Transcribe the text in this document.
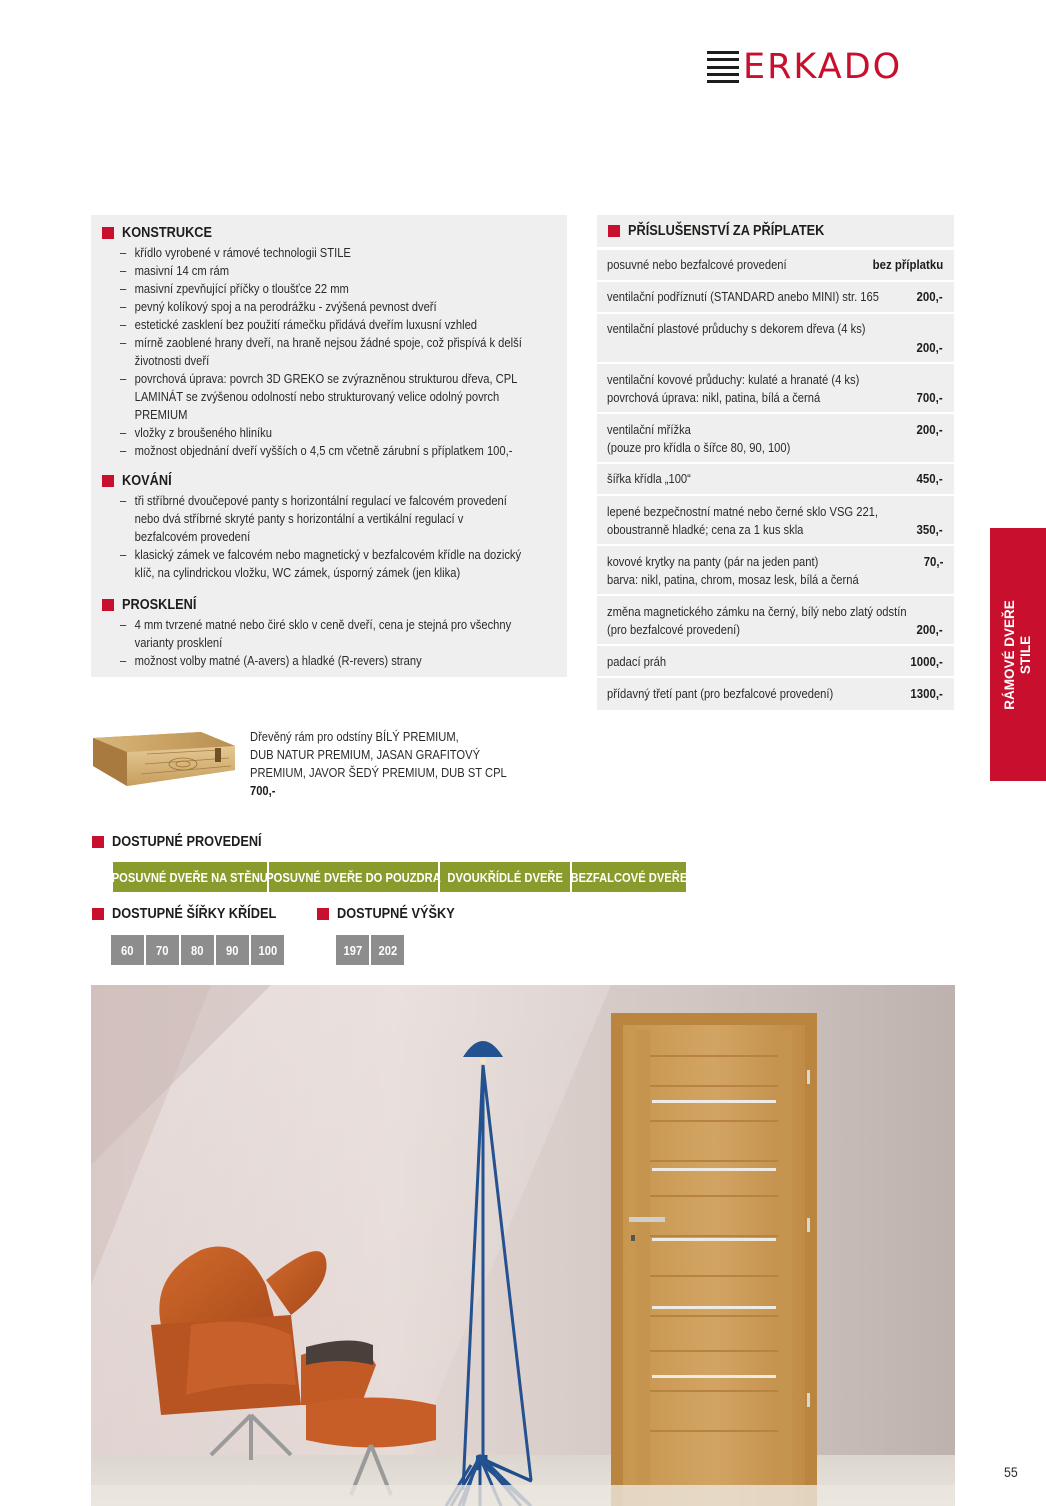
ERKADO
KONSTRUKCE
– křídlo vyrobené v rámové technologii STILE
– masivní 14 cm rám
– masivní zpevňující příčky o tloušťce 22 mm
– pevný kolíkový spoj a na perodrážku - zvýšená pevnost dveří
– estetické zasklení bez použití rámečku přidává dveřím luxusní vzhled
– mírně zaoblené hrany dveří, na hraně nejsou žádné spoje, což přispívá k delší
životnosti dveří
– povrchová úprava: povrch 3D GREKO se zvýrazněnou strukturou dřeva, CPL
LAMINÁT se zvýšenou odolností nebo strukturovaný velice odolný povrch
PREMIUM
– vložky z broušeného hliníku
– možnost objednání dveří vyšších o 4,5 cm včetně zárubní s příplatkem 100,-
KOVÁNÍ
– tři stříbrné dvoučepové panty s horizontální regulací ve falcovém provedení
nebo dvá stříbrné skryté panty s horizontální a vertikální regulací v
bezfalcovém provedení
– klasický zámek ve falcovém nebo magnetický v bezfalcovém křídle na dozický
klíč, na cylindrickou vložku, WC zámek, úsporný zámek (jen klika)
PROSKLENÍ
– 4 mm tvrzené matné nebo čiré sklo v ceně dveří, cena je stejná pro všechny
varianty prosklení
– možnost volby matné (A-avers) a hladké (R-revers) strany
PŘÍSLUŠENSTVÍ ZA PŘÍPLATEK
posuvné nebo bezfalcové provedení	bez příplatku
ventilační podříznutí (STANDARD anebo MINI) str. 165	200,-
ventilační plastové průduchy s dekorem dřeva (4 ks)
200,-
ventilační kovové průduchy: kulaté a hranaté (4 ks)
povrchová úprava: nikl, patina, bílá a černá	700,-
ventilační mřížka
(pouze pro křídla o šířce 80, 90, 100)
200,-
šířka křídla „100“	450,-
lepené bezpečnostní matné nebo černé sklo VSG 221,
oboustranně hladké; cena za 1 kus skla	350,-
kovové krytky na panty (pár na jeden pant)
barva: nikl, patina, chrom, mosaz lesk, bílá a černá
70,-
změna magnetického zámku na černý, bílý nebo zlatý odstín
(pro bezfalcové provedení)	200,-
padací práh	1000,-
přídavný třetí pant (pro bezfalcové provedení)	1300,-	RÁMOVÉ DVEŘE STILE
Dřevěný rám pro odstíny BÍLÝ PREMIUM,
DUB NATUR PREMIUM, JASAN GRAFITOVÝ
PREMIUM, JAVOR ŠEDÝ PREMIUM, DUB ST CPL
700,-
DOSTUPNÉ PROVEDENÍ
POSUVNÉ DVEŘE NA STĚNU
POSUVNÉ DVEŘE DO POUZDRA DVOUKŘÍDLÉ DVEŘE BEZFALCOVÉ DVEŘE
DOSTUPNÉ ŠÍŘKY KŘÍDEL
60 70 80 90 100
DOSTUPNÉ VÝŠKY
197 202
55
